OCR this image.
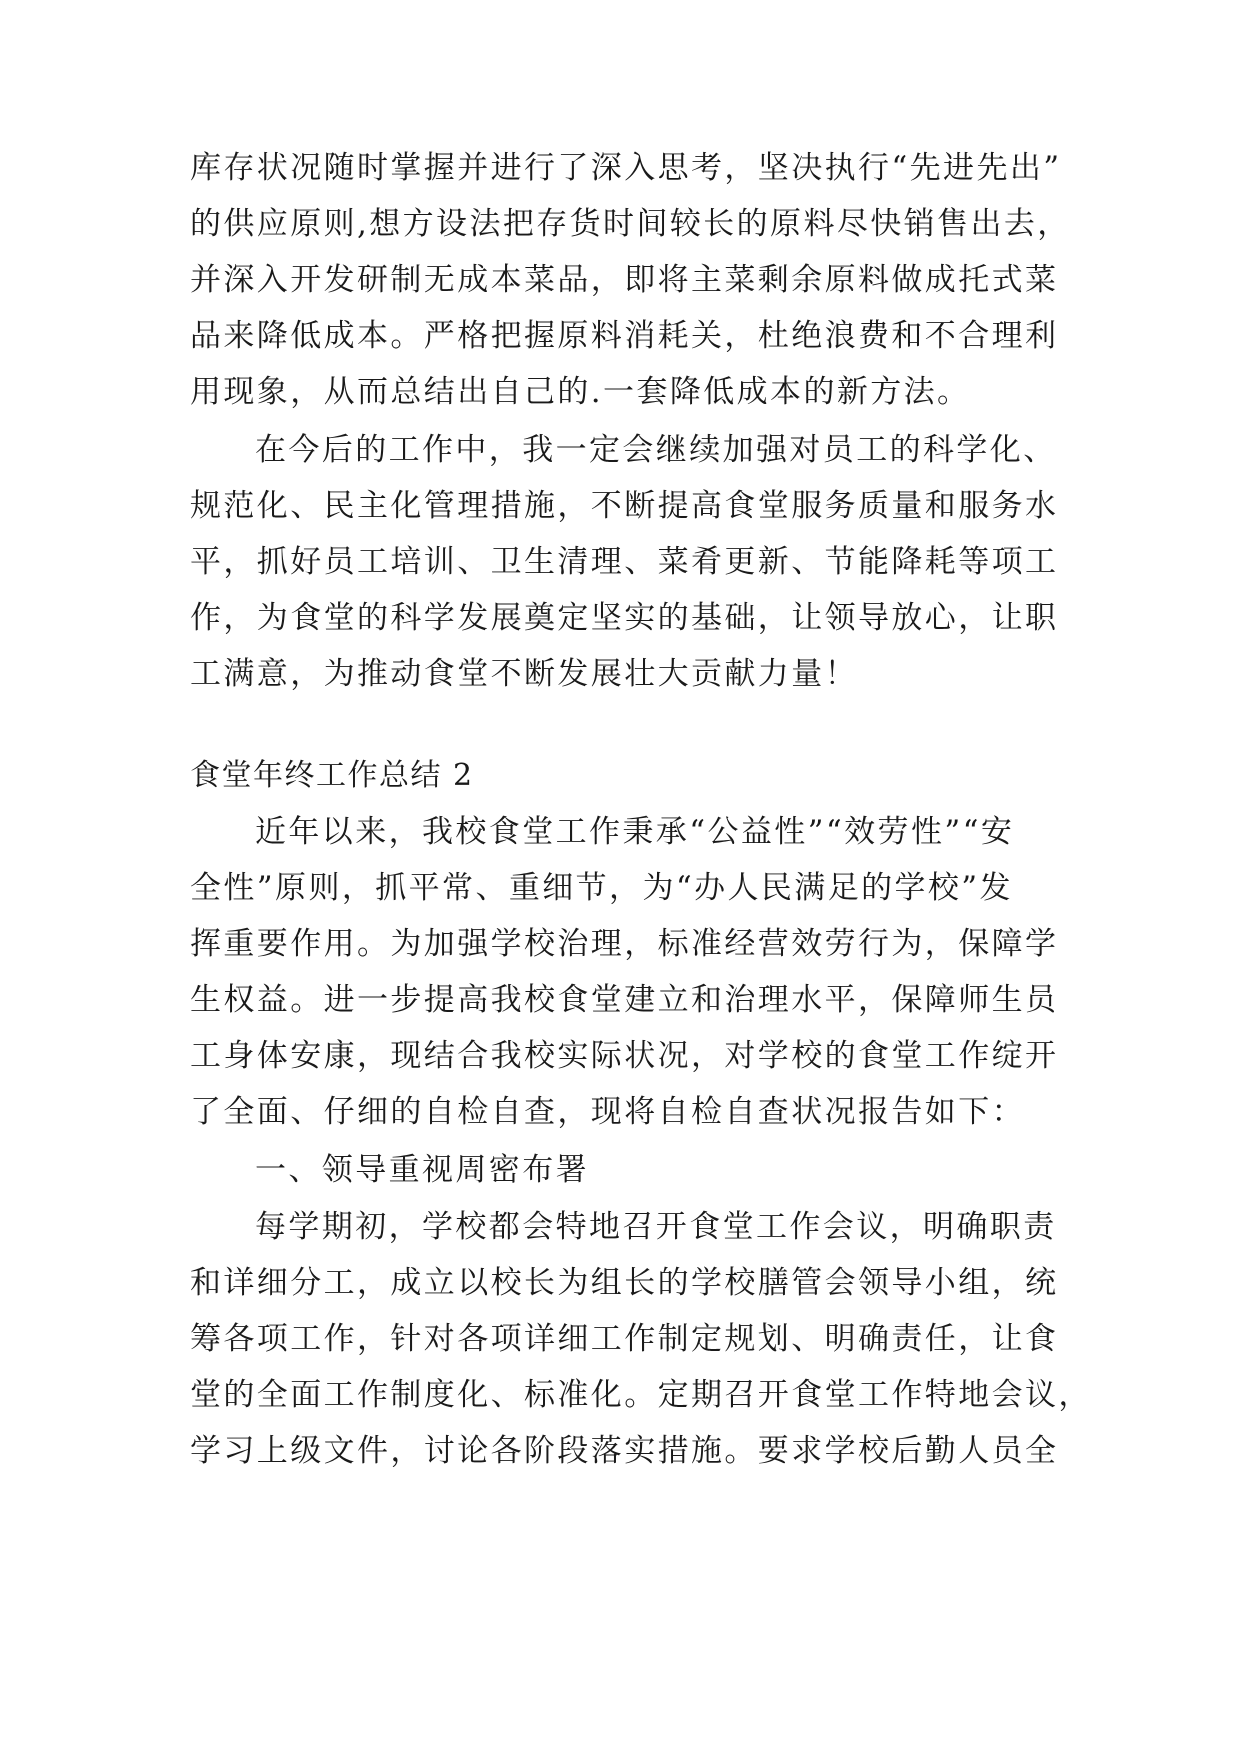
库存状况随时掌握并进行了深入思考，坚决执行“先进先出”
的供应原则,想方设法把存货时间较长的原料尽快销售出去，
并深入开发研制无成本菜品，即将主菜剩余原料做成托式菜
品来降低成本。严格把握原料消耗关，杜绝浪费和不合理利
用现象，从而总结出自己的.一套降低成本的新方法。
在今后的工作中，我一定会继续加强对员工的科学化、
规范化、民主化管理措施，不断提高食堂服务质量和服务水
平，抓好员工培训、卫生清理、菜肴更新、节能降耗等项工
作，为食堂的科学发展奠定坚实的基础，让领导放心，让职
工满意，为推动食堂不断发展壮大贡献力量！
食堂年终工作总结 2
近年以来，我校食堂工作秉承“公益性”“效劳性”“安
全性”原则，抓平常、重细节，为“办人民满足的学校”发
挥重要作用。为加强学校治理，标准经营效劳行为，保障学
生权益。进一步提高我校食堂建立和治理水平，保障师生员
工身体安康，现结合我校实际状况，对学校的食堂工作绽开
了全面、仔细的自检自查，现将自检自查状况报告如下：
一、领导重视周密布署
每学期初，学校都会特地召开食堂工作会议，明确职责
和详细分工，成立以校长为组长的学校膳管会领导小组，统
筹各项工作，针对各项详细工作制定规划、明确责任，让食
堂的全面工作制度化、标准化。定期召开食堂工作特地会议，
学习上级文件，讨论各阶段落实措施。要求学校后勤人员全
